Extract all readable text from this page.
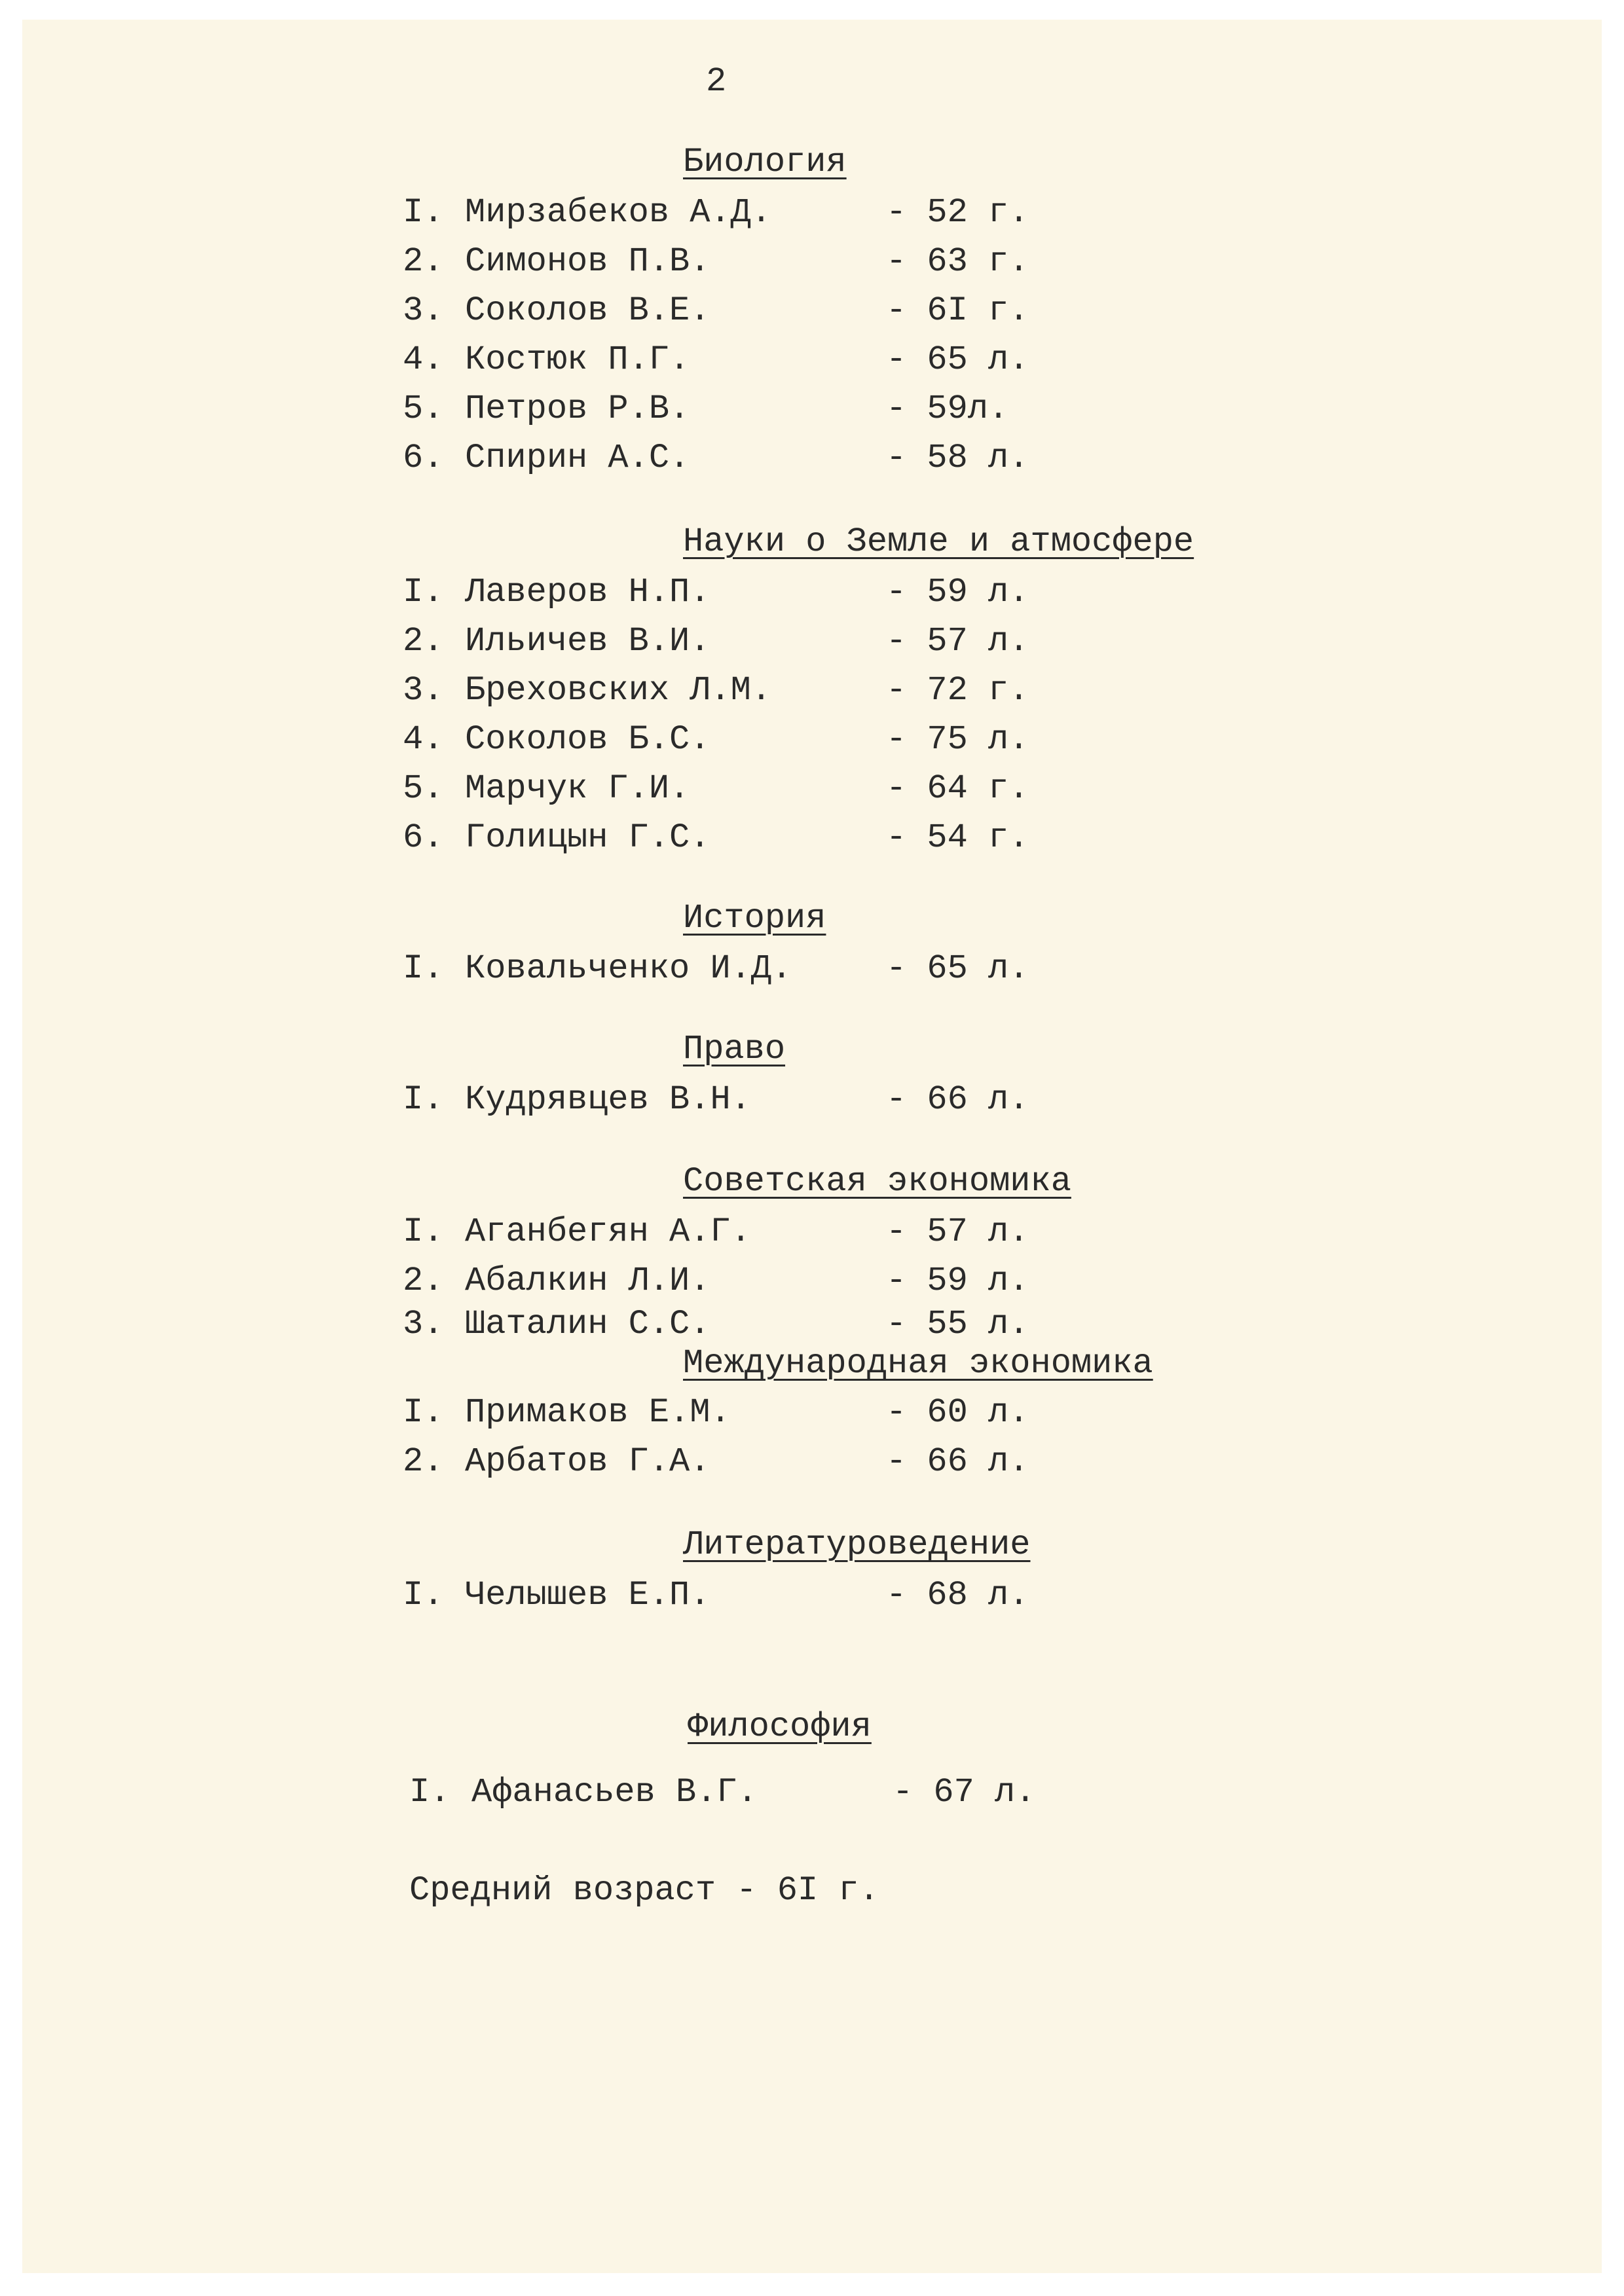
2
Биология
I. Мирзабеков А.Д.	- 52 г.
2. Симонов П.В.	- 63 г.
3. Соколов В.Е.	- 6I г.
4. Костюк П.Г.	- 65 л.
5. Петров Р.В.	- 59л.
6. Спирин А.С.	- 58 л.
Науки о Земле и атмосфере
I. Лаверов Н.П.	- 59 л.
2. Ильичев В.И.	- 57 л.
3. Бреховских Л.М.	- 72 г.
4. Соколов Б.С.	- 75 л.
5. Марчук Г.И.	- 64 г.
6. Голицын Г.С.	- 54 г.
История
I. Ковальченко И.Д.	- 65 л.
Право
I. Кудрявцев В.Н.	- 66 л.
Советская экономика
I. Аганбегян А.Г.	- 57 л.
2. Абалкин Л.И.	- 59 л.
3. Шаталин С.С.	- 55 л.
Международная экономика
I. Примаков Е.М.	- 60 л.
2. Арбатов Г.А.	- 66 л.
Литературоведение
I. Челышев Е.П.	- 68 л.
Философия
I. Афанасьев В.Г.	- 67 л.
Средний возраст - 6I г.
